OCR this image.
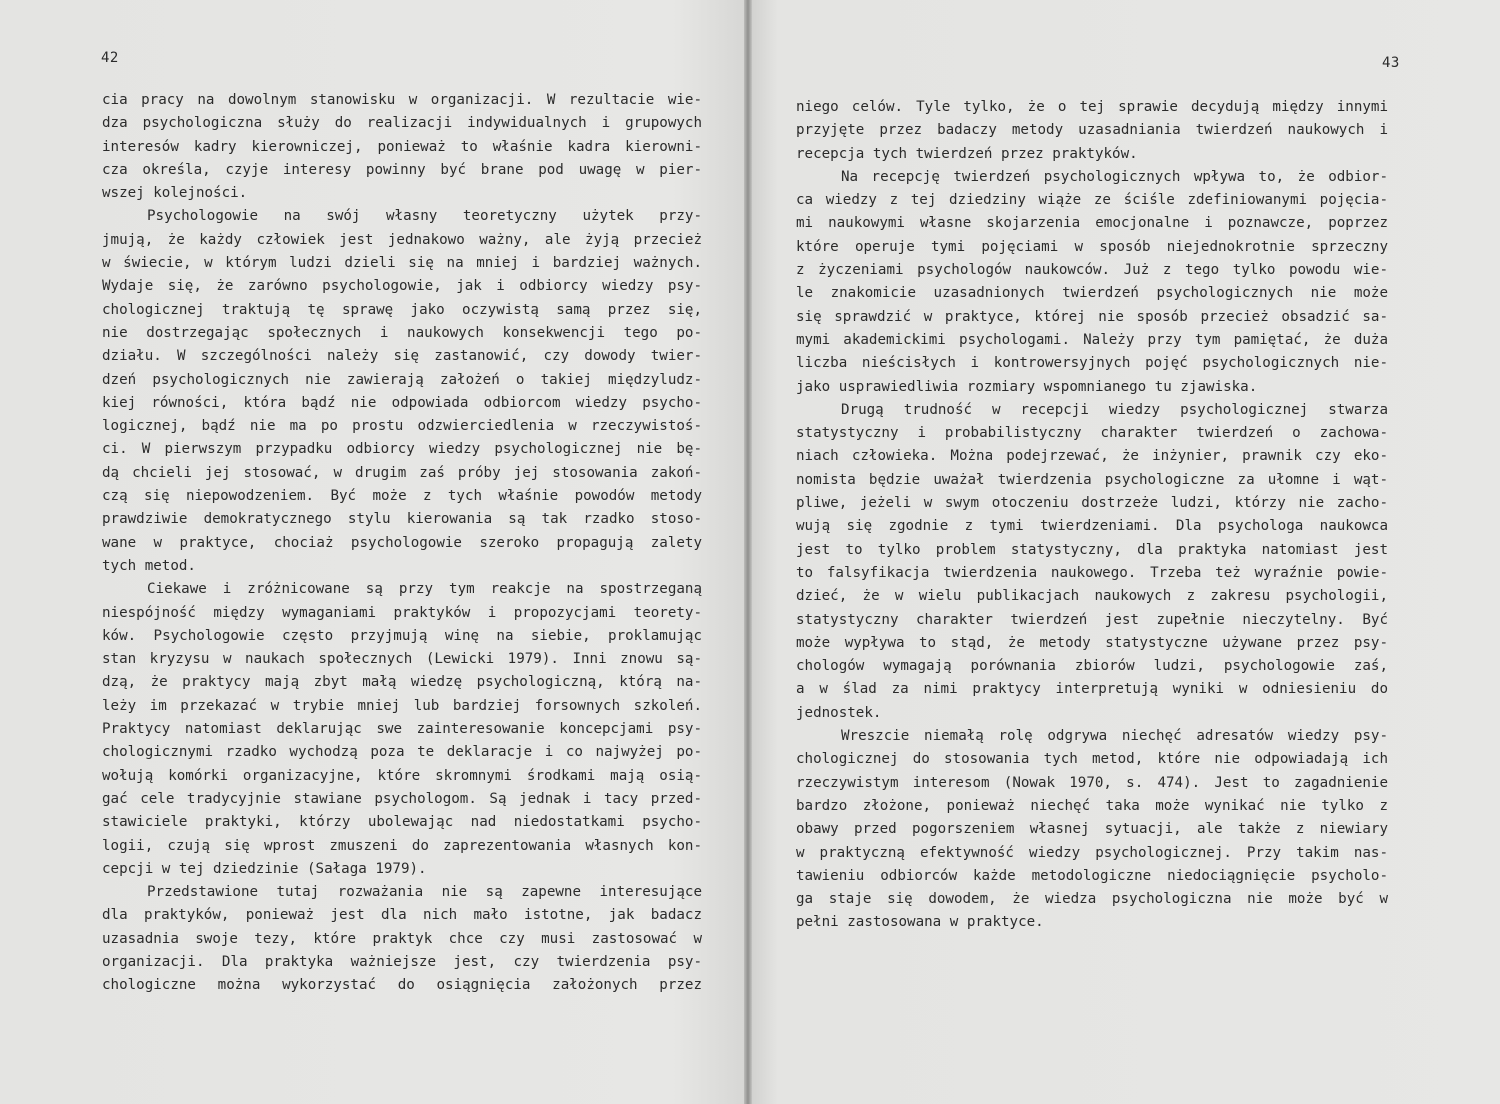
42
cia pracy na dowolnym stanowisku w organizacji. W rezultacie wie-
dza psychologiczna służy do realizacji indywidualnych i grupowych
interesów kadry kierowniczej, ponieważ to właśnie kadra kierowni-
cza określa, czyje interesy powinny być brane pod uwagę w pier-
wszej kolejności.
Psychologowie na swój własny teoretyczny użytek przy-
jmują, że każdy człowiek jest jednakowo ważny, ale żyją przecież
w świecie, w którym ludzi dzieli się na mniej i bardziej ważnych.
Wydaje się, że zarówno psychologowie, jak i odbiorcy wiedzy psy-
chologicznej traktują tę sprawę jako oczywistą samą przez się,
nie dostrzegając społecznych i naukowych konsekwencji tego po-
działu. W szczególności należy się zastanowić, czy dowody twier-
dzeń psychologicznych nie zawierają założeń o takiej międzyludz-
kiej równości, która bądź nie odpowiada odbiorcom wiedzy psycho-
logicznej, bądź nie ma po prostu odzwierciedlenia w rzeczywistoś-
ci. W pierwszym przypadku odbiorcy wiedzy psychologicznej nie bę-
dą chcieli jej stosować, w drugim zaś próby jej stosowania zakoń-
czą się niepowodzeniem. Być może z tych właśnie powodów metody
prawdziwie demokratycznego stylu kierowania są tak rzadko stoso-
wane w praktyce, chociaż psychologowie szeroko propagują zalety
tych metod.
Ciekawe i zróżnicowane są przy tym reakcje na spostrzeganą
niespójność między wymaganiami praktyków i propozycjami teorety-
ków. Psychologowie często przyjmują winę na siebie, proklamując
stan kryzysu w naukach społecznych (Lewicki 1979). Inni znowu są-
dzą, że praktycy mają zbyt małą wiedzę psychologiczną, którą na-
leży im przekazać w trybie mniej lub bardziej forsownych szkoleń.
Praktycy natomiast deklarując swe zainteresowanie koncepcjami psy-
chologicznymi rzadko wychodzą poza te deklaracje i co najwyżej po-
wołują komórki organizacyjne, które skromnymi środkami mają osią-
gać cele tradycyjnie stawiane psychologom. Są jednak i tacy przed-
stawiciele praktyki, którzy ubolewając nad niedostatkami psycho-
logii, czują się wprost zmuszeni do zaprezentowania własnych kon-
cepcji w tej dziedzinie (Sałaga 1979).
Przedstawione tutaj rozważania nie są zapewne interesujące
dla praktyków, ponieważ jest dla nich mało istotne, jak badacz
uzasadnia swoje tezy, które praktyk chce czy musi zastosować w
organizacji. Dla praktyka ważniejsze jest, czy twierdzenia psy-
chologiczne można wykorzystać do osiągnięcia założonych przez
niego celów. Tyle tylko, że o tej sprawie decydują między innymi
przyjęte przez badaczy metody uzasadniania twierdzeń naukowych i
recepcja tych twierdzeń przez praktyków.
Na recepcję twierdzeń psychologicznych wpływa to, że odbior-
ca wiedzy z tej dziedziny wiąże ze ściśle zdefiniowanymi pojęcia-
mi naukowymi własne skojarzenia emocjonalne i poznawcze, poprzez
które operuje tymi pojęciami w sposób niejednokrotnie sprzeczny
z życzeniami psychologów naukowców. Już z tego tylko powodu wie-
le znakomicie uzasadnionych twierdzeń psychologicznych nie może
się sprawdzić w praktyce, której nie sposób przecież obsadzić sa-
mymi akademickimi psychologami. Należy przy tym pamiętać, że duża
liczba nieścisłych i kontrowersyjnych pojęć psychologicznych nie-
jako usprawiedliwia rozmiary wspomnianego tu zjawiska.
Drugą trudność w recepcji wiedzy psychologicznej stwarza
statystyczny i probabilistyczny charakter twierdzeń o zachowa-
niach człowieka. Można podejrzewać, że inżynier, prawnik czy eko-
nomista będzie uważał twierdzenia psychologiczne za ułomne i wąt-
pliwe, jeżeli w swym otoczeniu dostrzeże ludzi, którzy nie zacho-
wują się zgodnie z tymi twierdzeniami. Dla psychologa naukowca
jest to tylko problem statystyczny, dla praktyka natomiast jest
to falsyfikacja twierdzenia naukowego. Trzeba też wyraźnie powie-
dzieć, że w wielu publikacjach naukowych z zakresu psychologii,
statystyczny charakter twierdzeń jest zupełnie nieczytelny. Być
może wypływa to stąd, że metody statystyczne używane przez psy-
chologów wymagają porównania zbiorów ludzi, psychologowie zaś,
a w ślad za nimi praktycy interpretują wyniki w odniesieniu do
jednostek.
Wreszcie niemałą rolę odgrywa niechęć adresatów wiedzy psy-
chologicznej do stosowania tych metod, które nie odpowiadają ich
rzeczywistym interesom (Nowak 1970, s. 474). Jest to zagadnienie
bardzo złożone, ponieważ niechęć taka może wynikać nie tylko z
obawy przed pogorszeniem własnej sytuacji, ale także z niewiary
w praktyczną efektywność wiedzy psychologicznej. Przy takim nas-
tawieniu odbiorców każde metodologiczne niedociągnięcie psycholo-
ga staje się dowodem, że wiedza psychologiczna nie może być w
pełni zastosowana w praktyce.
43
